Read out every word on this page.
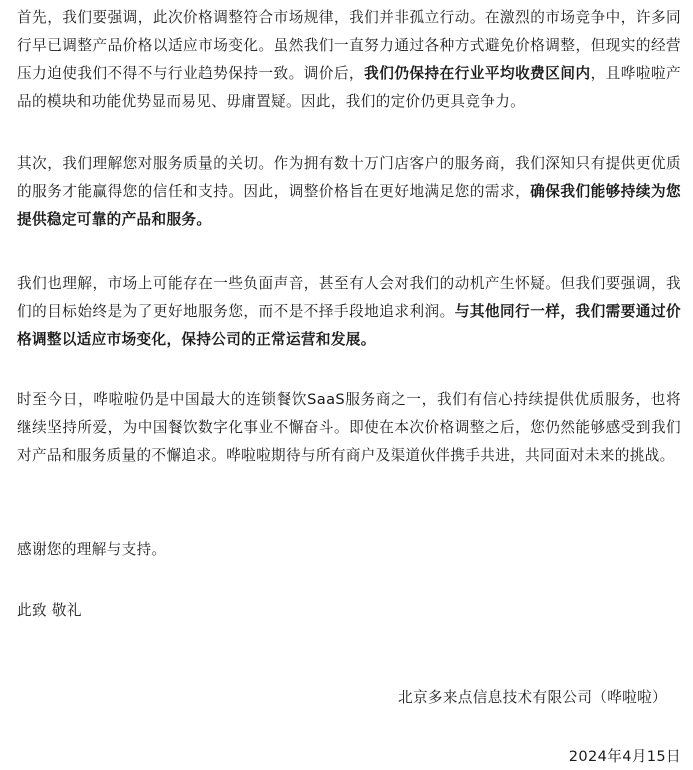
首先，我们要强调，此次价格调整符合市场规律，我们并非孤立行动。在激烈的市场竞争中，许多同行早已调整产品价格以适应市场变化。虽然我们一直努力通过各种方式避免价格调整，但现实的经营压力迫使我们不得不与行业趋势保持一致。调价后，我们仍保持在行业平均收费区间内，且哗啦啦产品的模块和功能优势显而易见、毋庸置疑。因此，我们的定价仍更具竞争力。

其次，我们理解您对服务质量的关切。作为拥有数十万门店客户的服务商，我们深知只有提供更优质的服务才能赢得您的信任和支持。因此，调整价格旨在更好地满足您的需求，确保我们能够持续为您提供稳定可靠的产品和服务。

我们也理解，市场上可能存在一些负面声音，甚至有人会对我们的动机产生怀疑。但我们要强调，我们的目标始终是为了更好地服务您，而不是不择手段地追求利润。与其他同行一样，我们需要通过价格调整以适应市场变化，保持公司的正常运营和发展。

时至今日，哗啦啦仍是中国最大的连锁餐饮SaaS服务商之一，我们有信心持续提供优质服务，也将继续坚持所爱，为中国餐饮数字化事业不懈奋斗。即使在本次价格调整之后，您仍然能够感受到我们对产品和服务质量的不懈追求。哗啦啦期待与所有商户及渠道伙伴携手共进，共同面对未来的挑战。

感谢您的理解与支持。

此致 敬礼

北京多来点信息技术有限公司（哗啦啦）
2024年4月15日
